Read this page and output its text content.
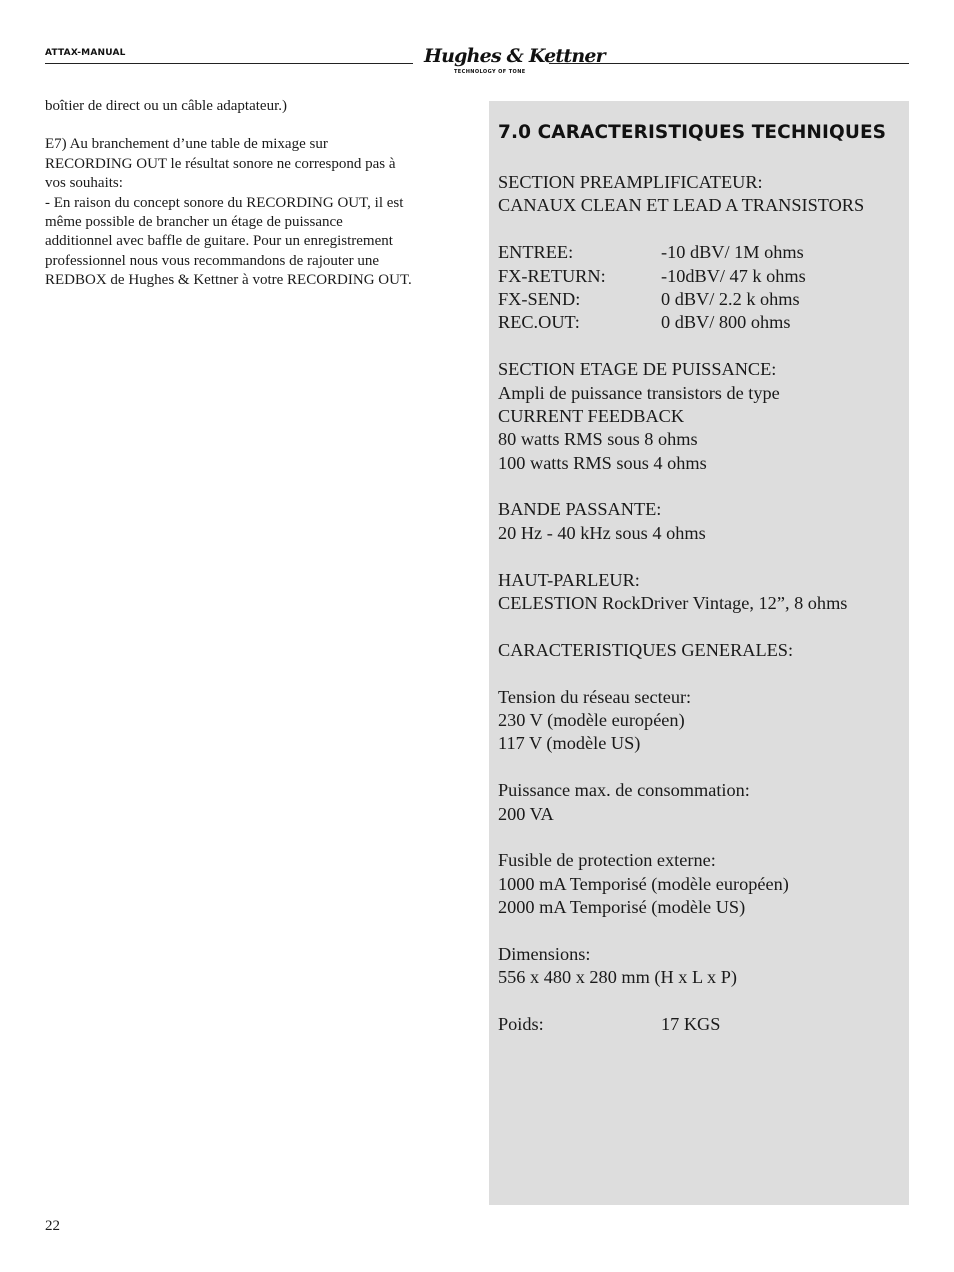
ATTAX-MANUAL	Hughes & Kettner
TECHNOLOGY OF TONE

boîtier de direct ou un câble adaptateur.)

E7) Au branchement d’une table de mixage sur
RECORDING OUT le résultat sonore ne correspond pas à
vos souhaits:
- En raison du concept sonore du RECORDING OUT, il est
même possible de brancher un étage de puissance
additionnel avec baffle de guitare. Pour un enregistrement
professionnel nous vous recommandons de rajouter une
REDBOX de Hughes & Kettner à votre RECORDING OUT.

7.0 CARACTERISTIQUES TECHNIQUES
SECTION PREAMPLIFICATEUR:
CANAUX CLEAN ET LEAD A TRANSISTORS
ENTREE:	-10 dBV/ 1M ohms
FX-RETURN:	-10dBV/ 47 k ohms
FX-SEND:	0 dBV/ 2.2 k ohms
REC.OUT:	0 dBV/ 800 ohms
SECTION ETAGE DE PUISSANCE:
Ampli de puissance transistors de type
CURRENT FEEDBACK
80 watts RMS sous 8 ohms
100 watts RMS sous 4 ohms
BANDE PASSANTE:
20 Hz - 40 kHz sous 4 ohms
HAUT-PARLEUR:
CELESTION RockDriver Vintage, 12”, 8 ohms
CARACTERISTIQUES GENERALES:
Tension du réseau secteur:
230 V (modèle européen)
117 V (modèle US)
Puissance max. de consommation:
200 VA
Fusible de protection externe:
1000 mA Temporisé (modèle européen)
2000 mA Temporisé (modèle US)
Dimensions:
556 x 480 x 280 mm (H x L x P)
Poids:	17 KGS
22
